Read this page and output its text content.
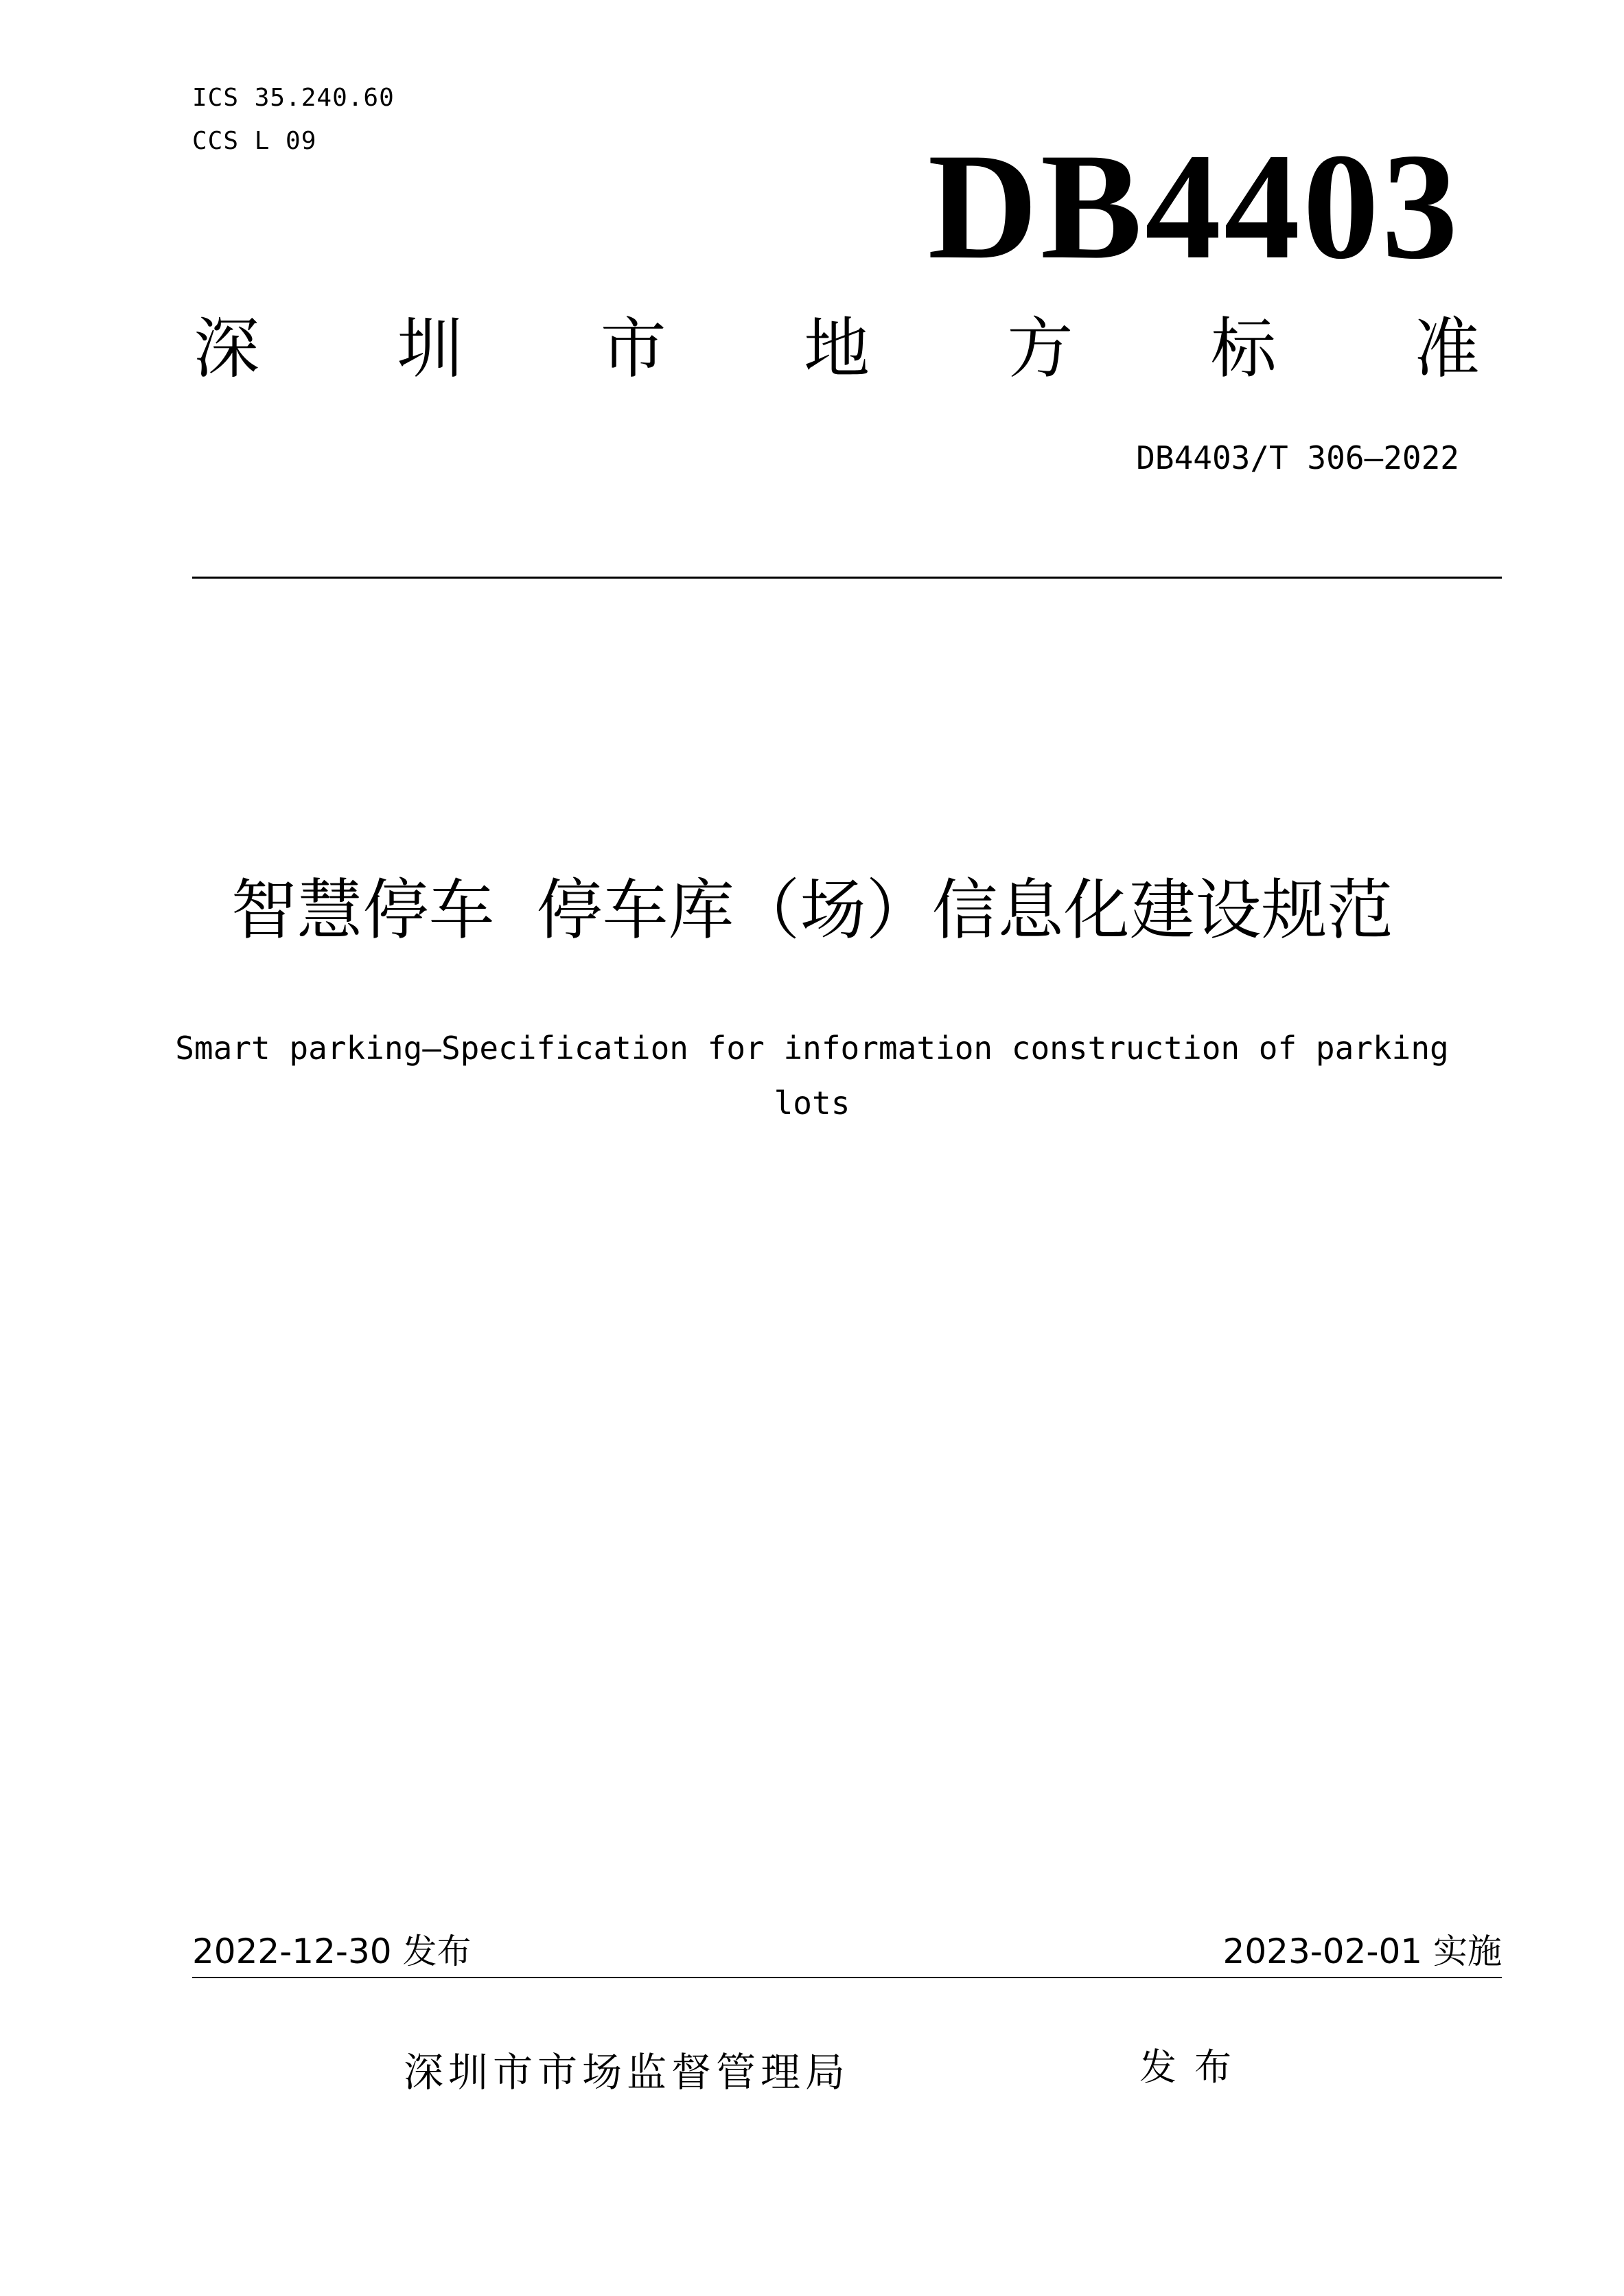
ICS 35.240.60
CCS L 09	DB4403
深 圳 市 地 方 标 准
DB4403/T 306—2022
智慧停车  停车库（场）信息化建设规范
Smart parking—Specification for information construction of parking
lots
2022-12-30 发布	2023-02-01 实施
深圳市市场监督管理局	发布
